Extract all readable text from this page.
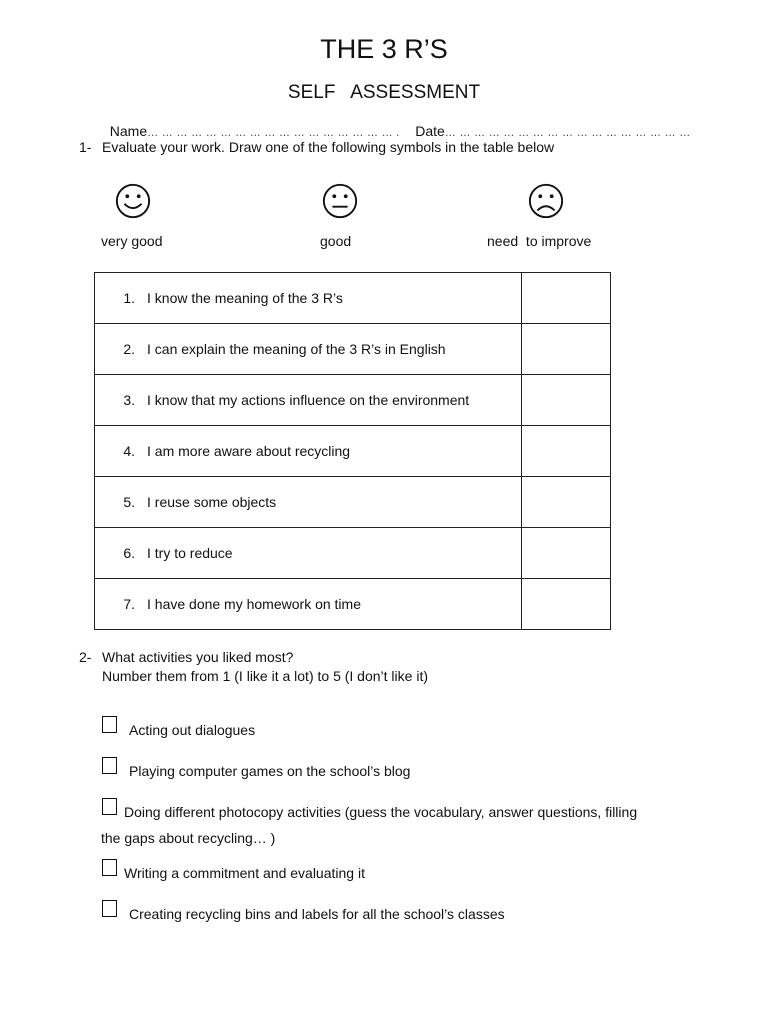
THE 3 R’S
SELF   ASSESSMENT

Name… … … … … … … … … … … … … … … … … . Date… … … … … … … … … … … … … … … … …

1- Evaluate your work. Draw one of the following symbols in the table below
very good	good	need  to improve
1. I know the meaning of the 3 R’s	
2. I can explain the meaning of the 3 R’s in English	
3. I know that my actions influence on the environment	
4. I am more aware about recycling	
5. I reuse some objects	
6. I try to reduce	
7. I have done my homework on time	
2- What activities you liked most?
Number them from 1 (I like it a lot) to 5 (I don’t like it)
Acting out dialogues
Playing computer games on the school’s blog
Doing different photocopy activities (guess the vocabulary, answer questions, filling
the gaps about recycling… )
Writing a commitment and evaluating it
Creating recycling bins and labels for all the school’s classes
